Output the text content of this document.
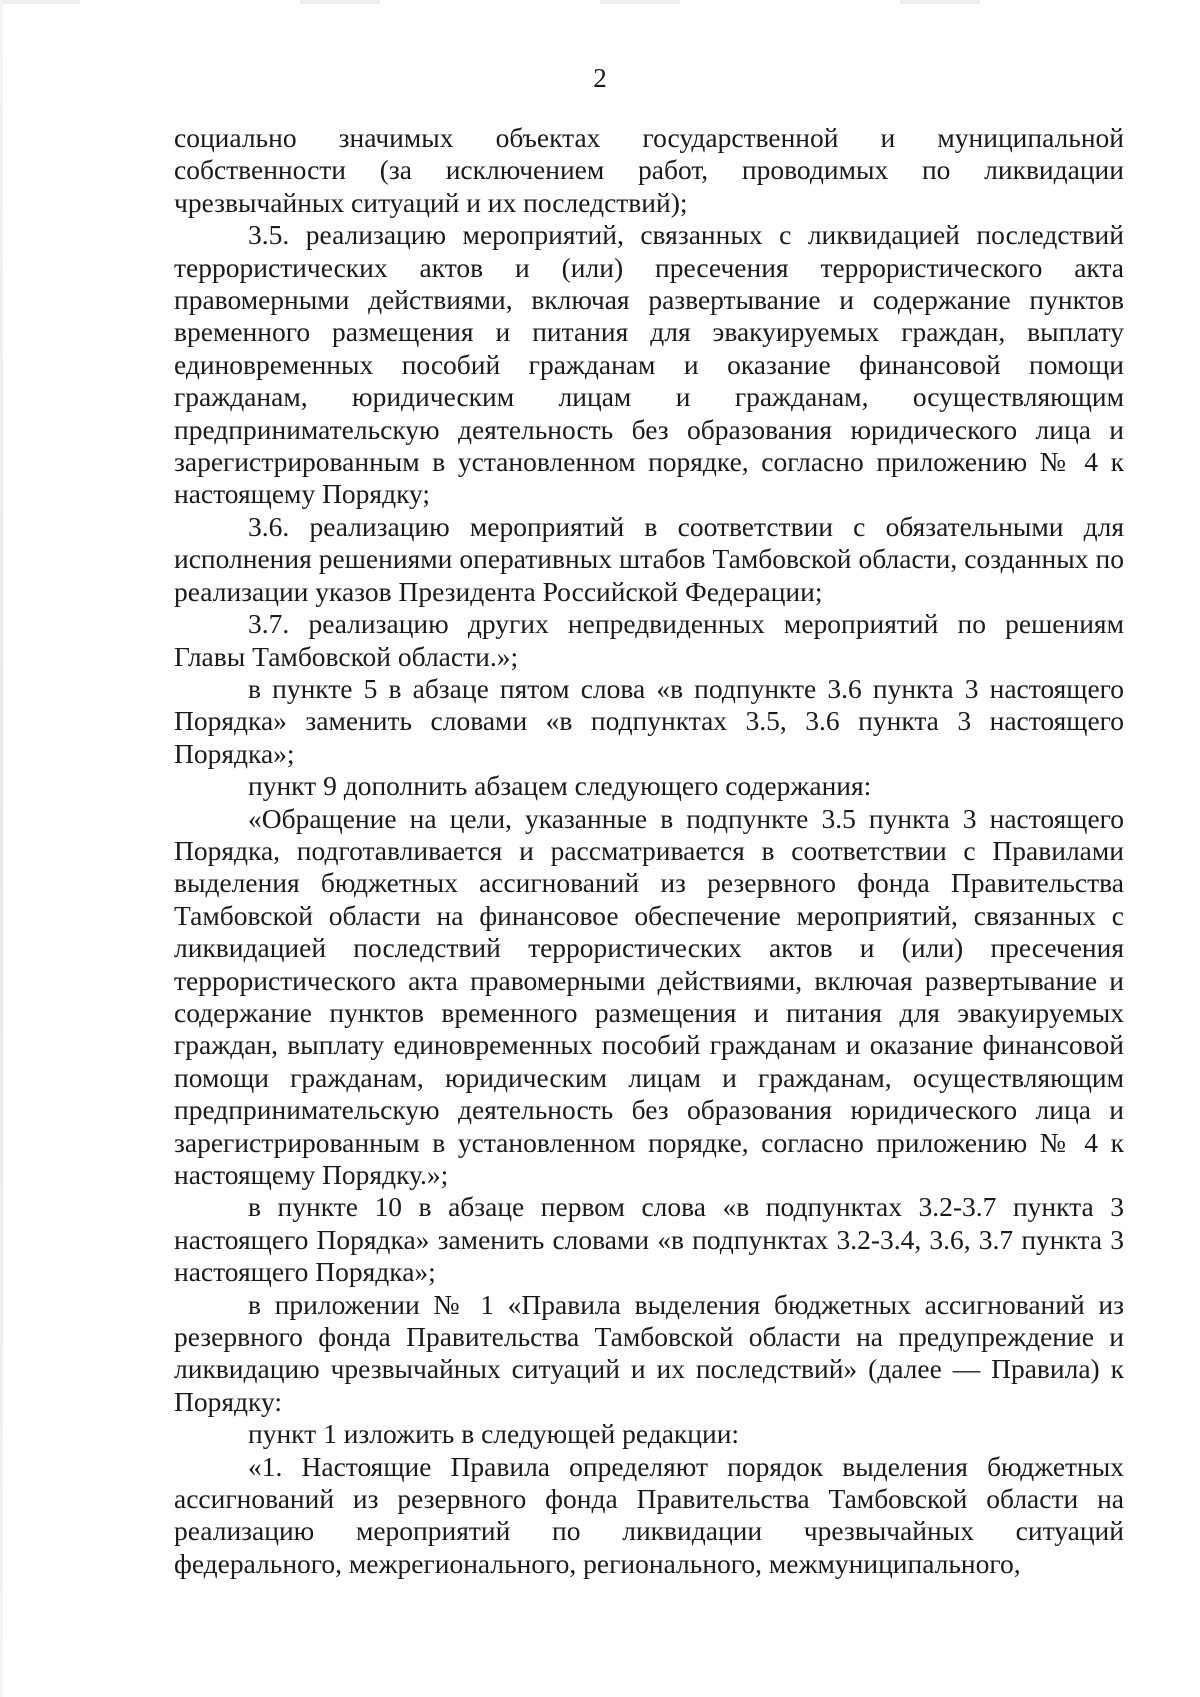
2

социально значимых объектах государственной и муниципальной собственности (за исключением работ, проводимых по ликвидации чрезвычайных ситуаций и их последствий);

3.5. реализацию мероприятий, связанных с ликвидацией последствий террористических актов и (или) пресечения террористического акта правомерными действиями, включая развертывание и содержание пунктов временного размещения и питания для эвакуируемых граждан, выплату единовременных пособий гражданам и оказание финансовой помощи гражданам, юридическим лицам и гражданам, осуществляющим предпринимательскую деятельность без образования юридического лица и зарегистрированным в установленном порядке, согласно приложению № 4 к настоящему Порядку;

3.6. реализацию мероприятий в соответствии с обязательными для исполнения решениями оперативных штабов Тамбовской области, созданных по реализации указов Президента Российской Федерации;

3.7. реализацию других непредвиденных мероприятий по решениям Главы Тамбовской области.»;

в пункте 5 в абзаце пятом слова «в подпункте 3.6 пункта 3 настоящего Порядка» заменить словами «в подпунктах 3.5, 3.6 пункта 3 настоящего Порядка»;

пункт 9 дополнить абзацем следующего содержания:

«Обращение на цели, указанные в подпункте 3.5 пункта 3 настоящего Порядка, подготавливается и рассматривается в соответствии с Правилами выделения бюджетных ассигнований из резервного фонда Правительства Тамбовской области на финансовое обеспечение мероприятий, связанных с ликвидацией последствий террористических актов и (или) пресечения террористического акта правомерными действиями, включая развертывание и содержание пунктов временного размещения и питания для эвакуируемых граждан, выплату единовременных пособий гражданам и оказание финансовой помощи гражданам, юридическим лицам и гражданам, осуществляющим предпринимательскую деятельность без образования юридического лица и зарегистрированным в установленном порядке, согласно приложению № 4 к настоящему Порядку.»;

в пункте 10 в абзаце первом слова «в подпунктах 3.2-3.7 пункта 3 настоящего Порядка» заменить словами «в подпунктах 3.2-3.4, 3.6, 3.7 пункта 3 настоящего Порядка»;

в приложении № 1 «Правила выделения бюджетных ассигнований из резервного фонда Правительства Тамбовской области на предупреждение и ликвидацию чрезвычайных ситуаций и их последствий» (далее — Правила) к Порядку:

пункт 1 изложить в следующей редакции:

«1. Настоящие Правила определяют порядок выделения бюджетных ассигнований из резервного фонда Правительства Тамбовской области на реализацию мероприятий по ликвидации чрезвычайных ситуаций федерального, межрегионального, регионального, межмуниципального,
